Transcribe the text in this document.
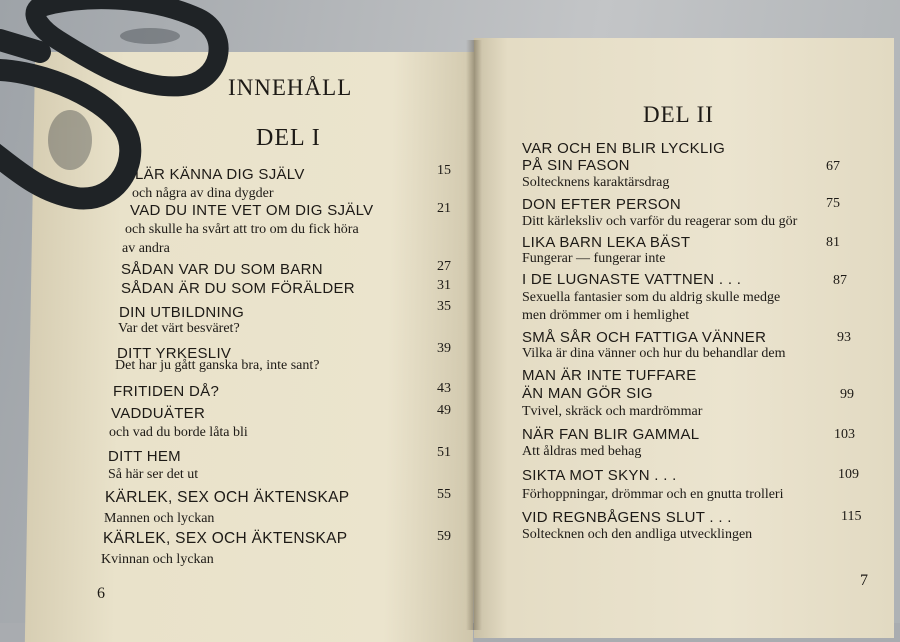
INNEHÅLL
DEL I
LÄR KÄNNA DIG SJÄLV	15
och några av dina dygder
VAD DU INTE VET OM DIG SJÄLV	21
och skulle ha svårt att tro om du fick höra
av andra
SÅDAN VAR DU SOM BARN	27
SÅDAN ÄR DU SOM FÖRÄLDER	31
DIN UTBILDNING	35
Var det värt besväret?
DITT YRKESLIV	39
Det har ju gått ganska bra, inte sant?
FRITIDEN DÅ?	43
VADDUÄTER	49
och vad du borde låta bli
DITT HEM	51
Så här ser det ut
KÄRLEK, SEX OCH ÄKTENSKAP	55
Mannen och lyckan
KÄRLEK, SEX OCH ÄKTENSKAP	59
Kvinnan och lyckan
6
DEL II
VAR OCH EN BLIR LYCKLIG
PÅ SIN FASON	67
Soltecknens karaktärsdrag
DON EFTER PERSON	75
Ditt kärleksliv och varför du reagerar som du gör
LIKA BARN LEKA BÄST	81
Fungerar — fungerar inte
I DE LUGNASTE VATTNEN . . .	87
Sexuella fantasier som du aldrig skulle medge
men drömmer om i hemlighet
SMÅ SÅR OCH FATTIGA VÄNNER	93
Vilka är dina vänner och hur du behandlar dem
MAN ÄR INTE TUFFARE
ÄN MAN GÖR SIG	99
Tvivel, skräck och mardrömmar
NÄR FAN BLIR GAMMAL	103
Att åldras med behag
SIKTA MOT SKYN . . .	109
Förhoppningar, drömmar och en gnutta trolleri
VID REGNBÅGENS SLUT . . .	115
Soltecknen och den andliga utvecklingen
7
